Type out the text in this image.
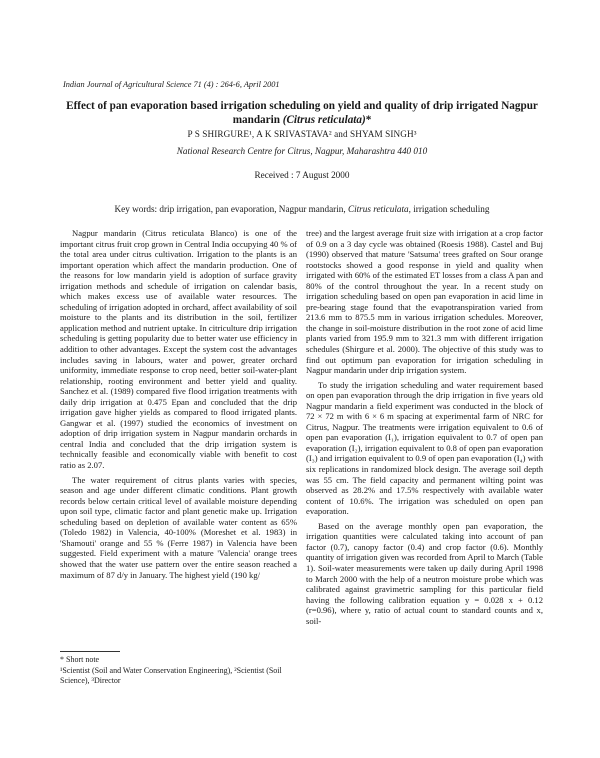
Indian Journal of Agricultural Science 71 (4) : 264-6, April 2001
Effect of pan evaporation based irrigation scheduling on yield and quality of drip irrigated Nagpur mandarin (Citrus reticulata)*
P S SHIRGURE¹, A K SRIVASTAVA² and SHYAM SINGH³
National Research Centre for Citrus, Nagpur, Maharashtra 440 010
Received : 7 August 2000
Key words: drip irrigation, pan evaporation, Nagpur mandarin, Citrus reticulata, irrigation scheduling

Nagpur mandarin (Citrus reticulata Blanco) is one of the important citrus fruit crop grown in Central India occupying 40 % of the total area under citrus cultivation. Irrigation to the plants is an important operation which affect the mandarin production. One of the reasons for low mandarin yield is adoption of surface gravity irrigation methods and schedule of irrigation on calendar basis, which makes excess use of available water resources. The scheduling of irrigation adopted in orchard, affect availability of soil moisture to the plants and its distribution in the soil, fertilizer application method and nutrient uptake. In citriculture drip irrigation scheduling is getting popularity due to better water use efficiency in addition to other advantages. Except the system cost the advantages includes saving in labours, water and power, greater orchard uniformity, immediate response to crop need, better soil-water-plant relationship, rooting environment and better yield and quality. Sanchez et al. (1989) compared five flood irrigation treatments with daily drip irrigation at 0.475 Epan and concluded that the drip irrigation gave higher yields as compared to flood irrigated plants. Gangwar et al. (1997) studied the economics of investment on adoption of drip irrigation system in Nagpur mandarin orchards in central India and concluded that the drip irrigation system is technically feasible and economically viable with benefit to cost ratio as 2.07.

The water requirement of citrus plants varies with species, season and age under different climatic conditions. Plant growth records below certain critical level of available moisture depending upon soil type, climatic factor and plant genetic make up. Irrigation scheduling based on depletion of available water content as 65% (Toledo 1982) in Valencia, 40-100% (Moreshet et al. 1983) in 'Shamouti' orange and 55 % (Ferre 1987) in Valencia have been suggested. Field experiment with a mature 'Valencia' orange trees showed that the water use pattern over the entire season reached a maximum of 87 d/y in January. The highest yield (190 kg/

tree) and the largest average fruit size with irrigation at a crop factor of 0.9 on a 3 day cycle was obtained (Roesis 1988). Castel and Buj (1990) observed that mature 'Satsuma' trees grafted on Sour orange rootstocks showed a good response in yield and quality when irrigated with 60% of the estimated ET losses from a class A pan and 80% of the control throughout the year. In a recent study on irrigation scheduling based on open pan evaporation in acid lime in pre-bearing stage found that the evapotranspiration varied from 213.6 mm to 875.5 mm in various irrigation schedules. Moreover, the change in soil-moisture distribution in the root zone of acid lime plants varied from 195.9 mm to 321.3 mm with different irrigation schedules (Shirgure et al. 2000). The objective of this study was to find out optimum pan evaporation for irrigation scheduling in Nagpur mandarin under drip irrigation system.

To study the irrigation scheduling and water requirement based on open pan evaporation through the drip irrigation in five years old Nagpur mandarin a field experiment was conducted in the block of 72 × 72 m with 6 × 6 m spacing at experimental farm of NRC for Citrus, Nagpur. The treatments were irrigation equivalent to 0.6 of open pan evaporation (I₁), irrigation equivalent to 0.7 of open pan evaporation (I₂), irrigation equivalent to 0.8 of open pan evaporation (I₃) and irrigation equivalent to 0.9 of open pan evaporation (I₄) with six replications in randomized block design. The average soil depth was 55 cm. The field capacity and permanent wilting point was observed as 28.2% and 17.5% respectively with available water content of 10.6%. The irrigation was scheduled on open pan evaporation.

Based on the average monthly open pan evaporation, the irrigation quantities were calculated taking into account of pan factor (0.7), canopy factor (0.4) and crop factor (0.6). Monthly quantity of irrigation given was recorded from April to March (Table 1). Soil-water measurements were taken up daily during April 1998 to March 2000 with the help of a neutron moisture probe which was calibrated against gravimetric sampling for this particular field having the following calibration equation y = 0.028 x + 0.12 (r=0.96), where y, ratio of actual count to standard counts and x, soil-

* Short note
¹Scientist (Soil and Water Conservation Engineering), ²Scientist (Soil Science), ³Director
